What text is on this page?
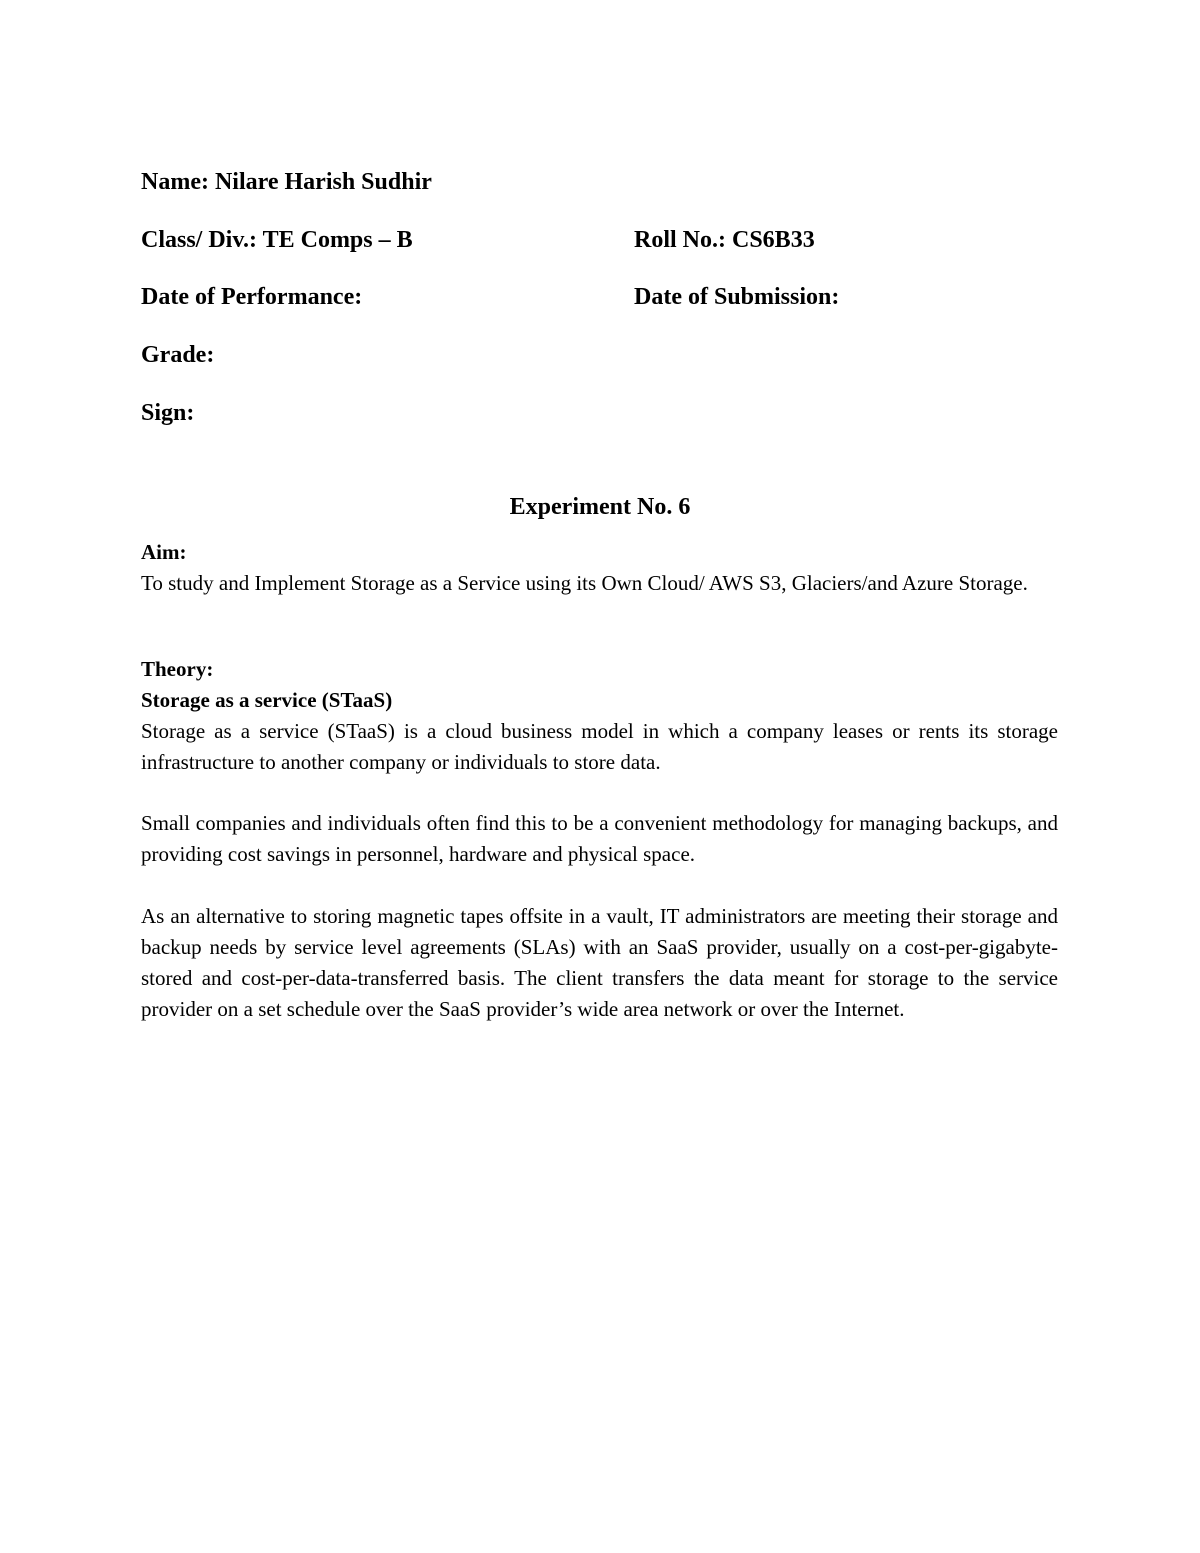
Name: Nilare Harish Sudhir
Class/ Div.: TE Comps – B	Roll No.: CS6B33
Date of Performance:	Date of Submission:
Grade:
Sign:
Experiment No. 6
Aim:

To study and Implement Storage as a Service using its Own Cloud/ AWS S3, Glaciers/and Azure Storage.

Theory:
Storage as a service (STaaS)

Storage as a service (STaaS) is a cloud business model in which a company leases or rents its storage infrastructure to another company or individuals to store data.

Small companies and individuals often find this to be a convenient methodology for managing backups, and providing cost savings in personnel, hardware and physical space.

As an alternative to storing magnetic tapes offsite in a vault, IT administrators are meeting their storage and backup needs by service level agreements (SLAs) with an SaaS provider, usually on a cost-per-gigabyte-stored and cost-per-data-transferred basis. The client transfers the data meant for storage to the service provider on a set schedule over the SaaS provider’s wide area network or over the Internet.
